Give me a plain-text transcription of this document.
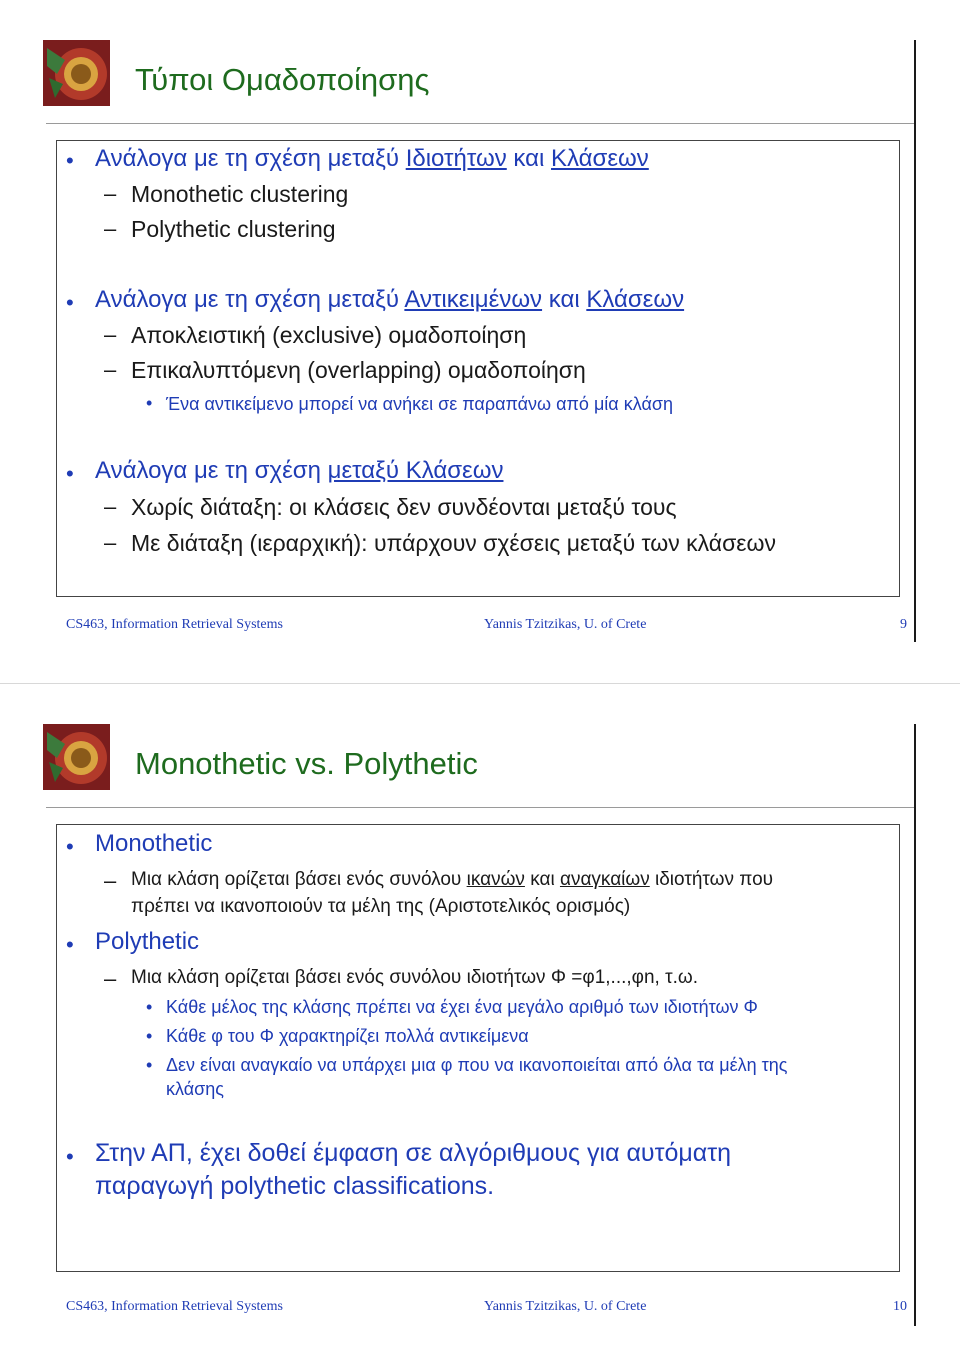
Τύποι Ομαδοποίησης
• Ανάλογα με τη σχέση μεταξύ Ιδιοτήτων και Κλάσεων
– Monothetic clustering
– Polythetic clustering
• Ανάλογα με τη σχέση μεταξύ Αντικειμένων και Κλάσεων
– Αποκλειστική (exclusive) ομαδοποίηση
– Επικαλυπτόμενη (overlapping) ομαδοποίηση
• Ένα αντικείμενο μπορεί να ανήκει σε παραπάνω από μία κλάση
• Ανάλογα με τη σχέση μεταξύ Κλάσεων
– Χωρίς διάταξη: οι κλάσεις δεν συνδέονται μεταξύ τους
– Με διάταξη (ιεραρχική): υπάρχουν σχέσεις μεταξύ των κλάσεων
CS463, Information Retrieval Systems	Yannis Tzitzikas, U. of Crete	9
Monothetic vs. Polythetic
• Monothetic
– Μια κλάση ορίζεται βάσει ενός συνόλου ικανών και αναγκαίων ιδιοτήτων που
πρέπει να ικανοποιούν τα μέλη της (Αριστοτελικός ορισμός)
• Polythetic
– Μια κλάση ορίζεται βάσει ενός συνόλου ιδιοτήτων Φ =φ1,...,φn, τ.ω.
• Κάθε μέλος της κλάσης πρέπει να έχει ένα μεγάλο αριθμό των ιδιοτήτων Φ
• Κάθε φ του Φ χαρακτηρίζει πολλά αντικείμενα
• Δεν είναι αναγκαίο να υπάρχει μια φ που να ικανοποιείται από όλα τα μέλη της
κλάσης
• Στην ΑΠ, έχει δοθεί έμφαση σε αλγόριθμους για αυτόματη
παραγωγή polythetic classifications.
CS463, Information Retrieval Systems	Yannis Tzitzikas, U. of Crete	10
